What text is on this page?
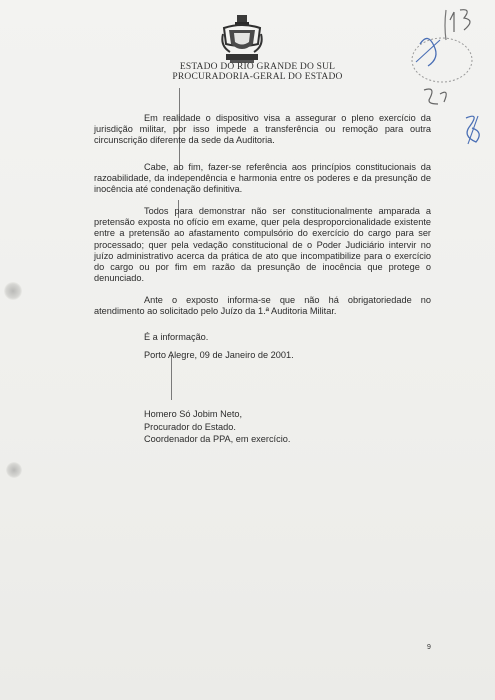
ESTADO DO RIO GRANDE DO SUL
PROCURADORIA-GERAL DO ESTADO

Em realidade o dispositivo visa a assegurar o pleno exercício da jurisdição militar, por isso impede a transferência ou remoção para outra circunscrição diferente da sede da Auditoria.

Cabe, ao fim, fazer-se referência aos princípios constitucionais da razoabilidade, da independência e harmonia entre os poderes e da presunção de inocência até condenação definitiva.

Todos para demonstrar não ser constitucionalmente amparada a pretensão exposta no ofício em exame, quer pela desproporcionalidade existente entre a pretensão ao afastamento compulsório do exercício do cargo para ser processado; quer pela vedação constitucional de o Poder Judiciário intervir no juízo administrativo acerca da prática de ato que incompatibilize para o exercício do cargo ou por fim em razão da presunção de inocência que protege o denunciado.

Ante o exposto informa-se que não há obrigatoriedade no atendimento ao solicitado pelo Juízo da 1.ª Auditoria Militar.

É a informação.
Porto Alegre, 09 de Janeiro de 2001.
Homero Só Jobim Neto,
Procurador do Estado.
Coordenador da PPA, em exercício.
9
